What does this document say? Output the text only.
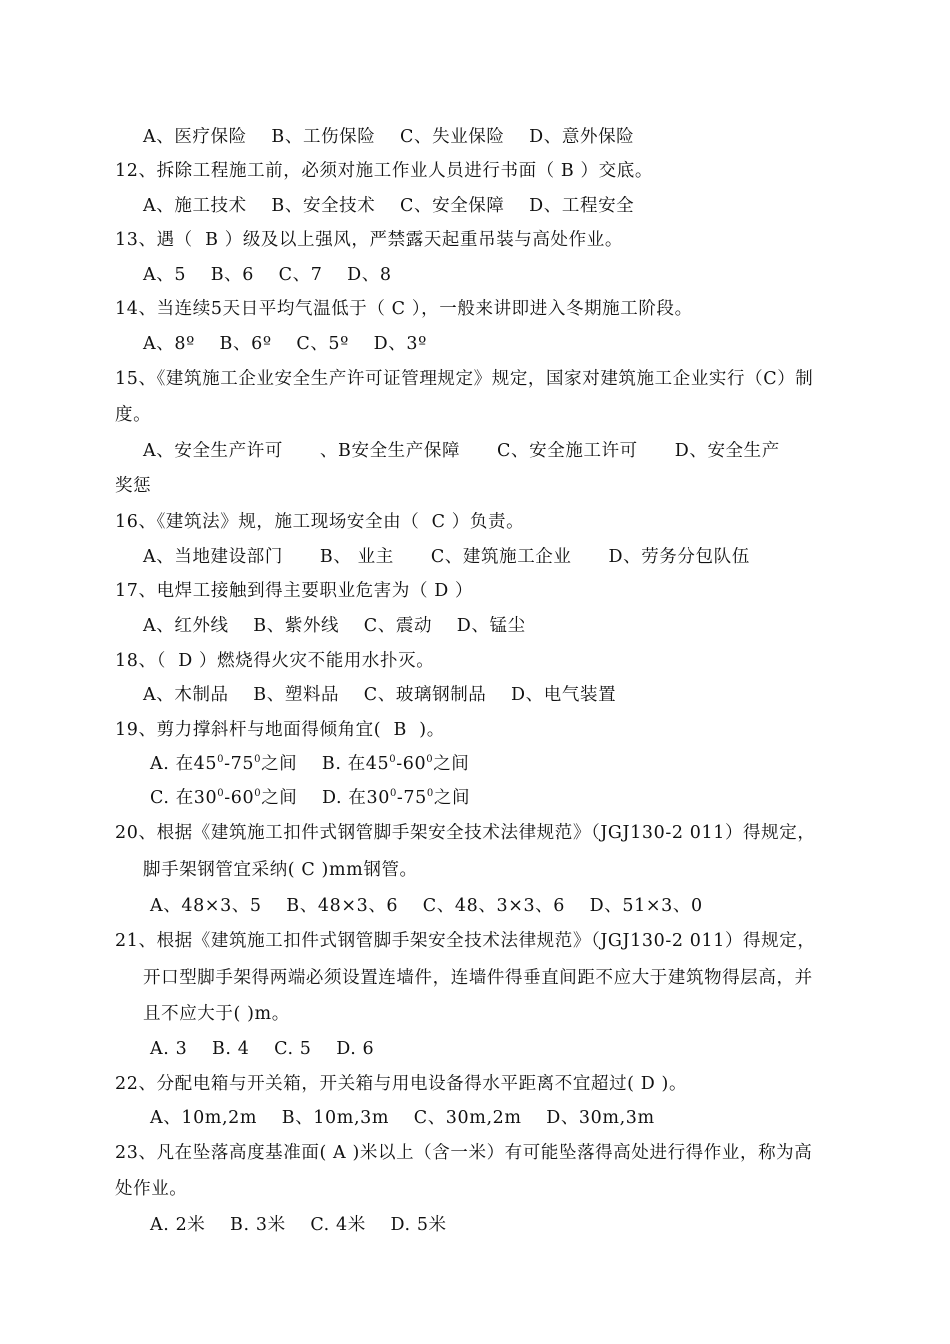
A、医疗保险    B、工伤保险    C、失业保险    D、意外保险
12、拆除工程施工前，必须对施工作业人员进行书面（ B ）交底。
A、施工技术    B、安全技术    C、安全保障    D、工程安全
13、遇（  B ）级及以上强风，严禁露天起重吊装与高处作业。
A、5    B、6    C、7    D、8
14、当连续5天日平均气温低于（ C ），一般来讲即进入冬期施工阶段。
A、8º    B、6º    C、5º    D、3º
15、《建筑施工企业安全生产许可证管理规定》规定，国家对建筑施工企业实行（C）制
度。
A、安全生产许可      、B安全生产保障      C、安全施工许可      D、安全生产
奖惩
16、《建筑法》规，施工现场安全由（  C ）负责。
A、当地建设部门      B、 业主      C、建筑施工企业      D、劳务分包队伍
17、电焊工接触到得主要职业危害为（ D ）
A、红外线    B、紫外线    C、震动    D、锰尘
18、（  D ）燃烧得火灾不能用水扑灭。
A、木制品    B、塑料品    C、玻璃钢制品    D、电气装置
19、剪力撑斜杆与地面得倾角宜(  B  )。
A. 在$45^0-75^0$之间    B. 在$45^0-60^0$之间
C. 在$30^0-60^0$之间    D. 在$30^0-75^0$之间
20、根据《建筑施工扣件式钢管脚手架安全技术法律规范》（JGJ130-2 011）得规定，
脚手架钢管宜采纳( C )mm钢管。
A、48×3、5    B、48×3、6    C、48、3×3、6    D、51×3、0
21、根据《建筑施工扣件式钢管脚手架安全技术法律规范》（JGJ130-2 011）得规定，
开口型脚手架得两端必须设置连墙件，连墙件得垂直间距不应大于建筑物得层高，并
且不应大于( )m。
A. 3    B. 4    C. 5    D. 6
22、分配电箱与开关箱，开关箱与用电设备得水平距离不宜超过( D )。
A、10m,2m    B、10m,3m    C、30m,2m    D、30m,3m
23、凡在坠落高度基准面( A )米以上（含一米）有可能坠落得高处进行得作业，称为高
处作业。
A. 2米    B. 3米    C. 4米    D. 5米
